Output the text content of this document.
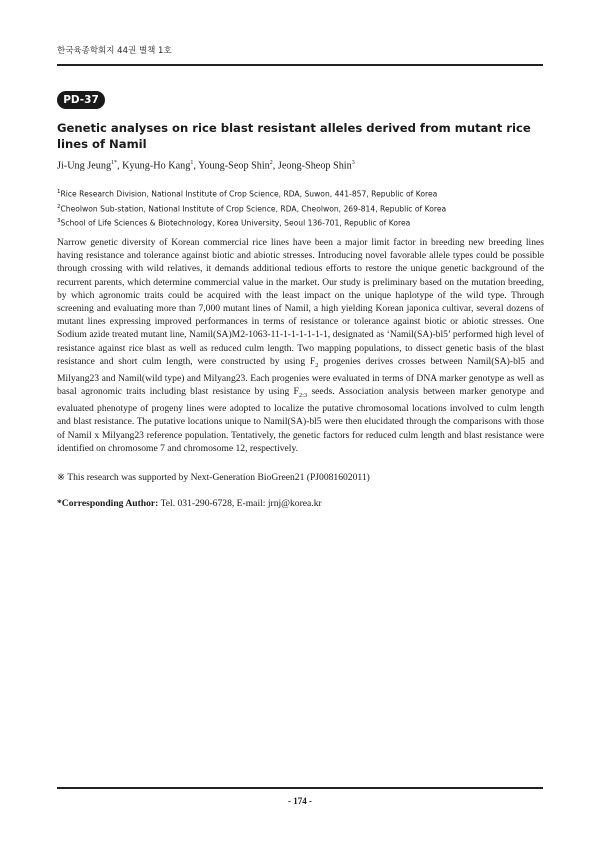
한국육종학회지 44권 별책 1호
PD-37
Genetic analyses on rice blast resistant alleles derived from mutant rice lines of Namil
Ji-Ung Jeung$^{1*}$, Kyung-Ho Kang$^1$, Young-Seop Shin$^2$, Jeong-Sheop Shin$^3$
$^1$Rice Research Division, National Institute of Crop Science, RDA, Suwon, 441-857, Republic of Korea
$^2$Cheolwon Sub-station, National Institute of Crop Science, RDA, Cheolwon, 269-814, Republic of Korea
$^3$School of Life Sciences & Biotechnology, Korea University, Seoul 136-701, Republic of Korea
Narrow genetic diversity of Korean commercial rice lines have been a major limit factor in breeding new breeding lines having resistance and tolerance against biotic and abiotic stresses. Introducing novel favorable allele types could be possible through crossing with wild relatives, it demands additional tedious efforts to restore the unique genetic background of the recurrent parents, which determine commercial value in the market. Our study is preliminary based on the mutation breeding, by which agronomic traits could be acquired with the least impact on the unique haplotype of the wild type. Through screening and evaluating more than 7,000 mutant lines of Namil, a high yielding Korean japonica cultivar, several dozens of mutant lines expressing improved performances in terms of resistance or tolerance against biotic or abiotic stresses. One Sodium azide treated mutant line, Namil(SA)M2-1063-11-1-1-1-1-1-1, designated as ‘Namil(SA)-bl5’ performed high level of resistance against rice blast as well as reduced culm length. Two mapping populations, to dissect genetic basis of the blast resistance and short culm length, were constructed by using $F_2$ progenies derives crosses between Namil(SA)-bl5 and Milyang23 and Namil(wild type) and Milyang23. Each progenies were evaluated in terms of DNA marker genotype as well as basal agronomic traits including blast resistance by using $F_{2:3}$ seeds. Association analysis between marker genotype and evaluated phenotype of progeny lines were adopted to localize the putative chromosomal locations involved to culm length and blast resistance. The putative locations unique to Namil(SA)-bl5 were then elucidated through the comparisons with those of Namil x Milyang23 reference population. Tentatively, the genetic factors for reduced culm length and blast resistance were identified on chromosome 7 and chromosome 12, respectively.
※ This research was supported by Next-Generation BioGreen21 (PJ0081602011)
*Corresponding Author: Tel. 031-290-6728, E-mail: jrnj@korea.kr
- 174 -
